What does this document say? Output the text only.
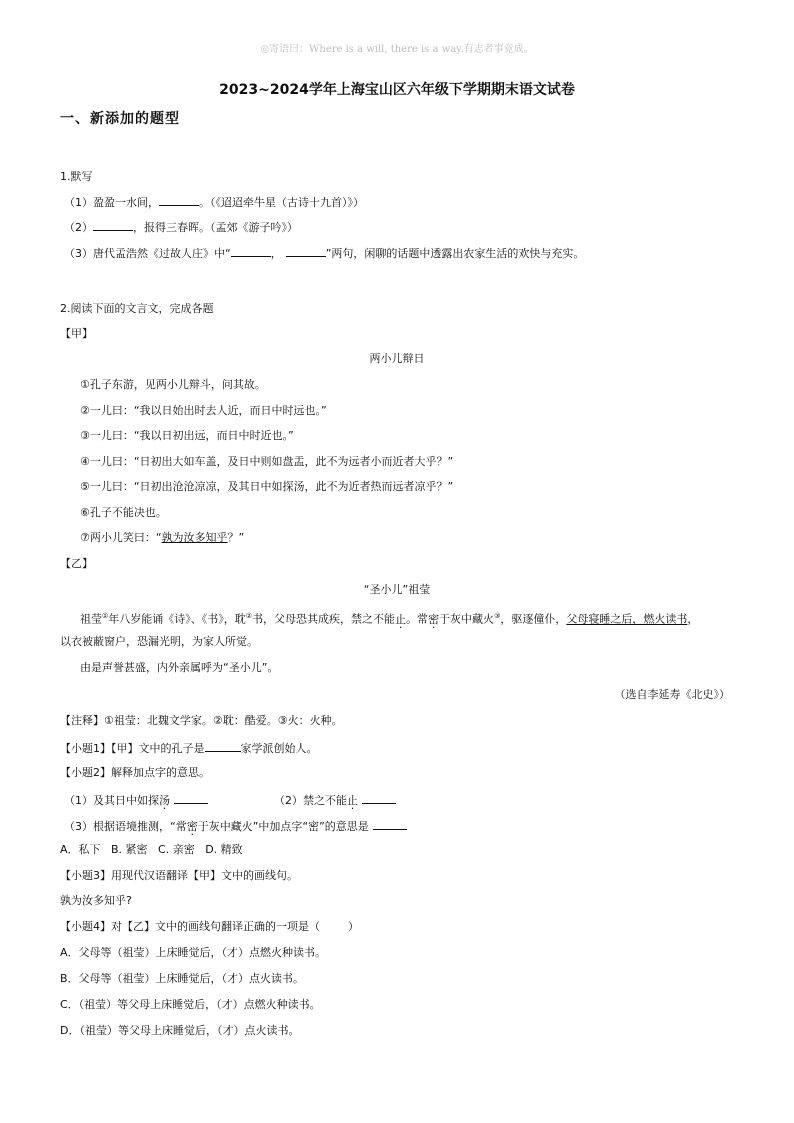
◎寄语曰：Where is a will, there is a way.有志者事竟成。
2023~2024学年上海宝山区六年级下学期期末语文试卷
一、新添加的题型
1.默写
（1）盈盈一水间，	。（《迢迢牵牛星（古诗十九首）》）
（2）	，报得三春晖。（孟郊《游子吟》）
（3）唐代孟浩然《过故人庄》中“	，	”两句，闲聊的话题中透露出农家生活的欢快与充实。
2.阅读下面的文言文，完成各题
【甲】
两小儿辩日
①孔子东游，见两小儿辩斗，问其故。
②一儿曰：“我以日始出时去人近，而日中时远也。”
③一儿曰：“我以日初出远，而日中时近也。”
④一儿曰：“日初出大如车盖，及日中则如盘盂，此不为远者小而近者大乎？”
⑤一儿曰：“日初出沧沧凉凉，及其日中如探汤，此不为近者热而远者凉乎？”
⑥孔子不能决也。
⑦两小儿笑曰：“孰为汝多知乎？”
【乙】
“圣小儿”祖莹
祖莹①年八岁能诵《诗》、《书》，耽②书，父母恐其成疾，禁之不能止。常密于灰中藏火③，驱逐僮仆，父母寝睡之后，燃火读书，
以衣被蔽窗户，恐漏光明，为家人所觉。
由是声誉甚盛，内外亲属呼为“圣小儿”。
（选自李延寿《北史》）
【注释】①祖莹：北魏文学家。②耽：酷爱。③火：火种。
【小题1】【甲】文中的孔子是	家学派创始人。
【小题2】解释加点字的意思。
（1）及其日中如探汤	（2）禁之不能止
（3）根据语境推测，“常密于灰中藏火”中加点字“密”的意思是
A．私下   B. 紧密   C. 亲密   D. 精致
【小题3】用现代汉语翻译【甲】文中的画线句。
孰为汝多知乎?
【小题4】对【乙】文中的画线句翻译正确的一项是（        ）
A．父母等（祖莹）上床睡觉后，（才）点燃火种读书。
B．父母等（祖莹）上床睡觉后，（才）点火读书。
C．（祖莹）等父母上床睡觉后，（才）点燃火种读书。
D．（祖莹）等父母上床睡觉后，（才）点火读书。
